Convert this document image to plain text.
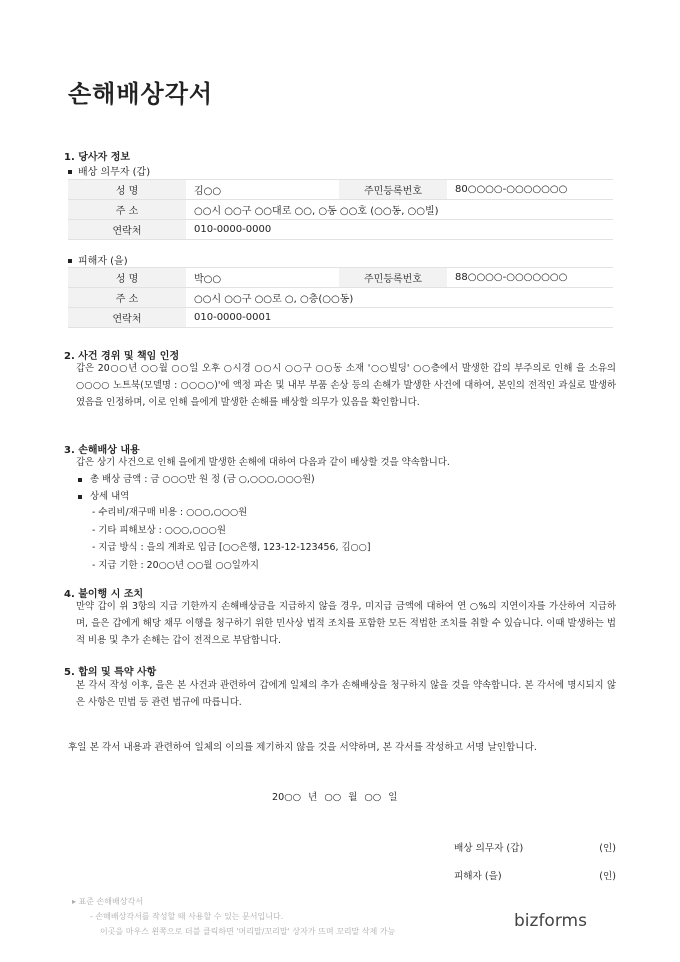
손해배상각서

1. 당사자 정보

배상 의무자 (갑)
성 명	김○○	주민등록번호	80○○○○-○○○○○○○
주 소	○○시 ○○구 ○○대로 ○○, ○동 ○○호 (○○동, ○○빌)		
연락처	010-0000-0000		
피해자 (을)
성 명	박○○	주민등록번호	88○○○○-○○○○○○○
주 소	○○시 ○○구 ○○로 ○, ○층(○○동)		
연락처	010-0000-0001		

2. 사건 경위 및 책임 인정

갑은 20○○년 ○○월 ○○일 오후 ○시경 ○○시 ○○구 ○○동 소재 '○○빌딩' ○○층에서 발생한 갑의 부주의로 인해 을 소유의 ○○○○ 노트북(모델명 : ○○○○)'에 액정 파손 및 내부 부품 손상 등의 손해가 발생한 사건에 대하여, 본인의 전적인 과실로 발생하였음을 인정하며, 이로 인해 을에게 발생한 손해를 배상할 의무가 있음을 확인합니다.

3. 손해배상 내용

갑은 상기 사건으로 인해 을에게 발생한 손해에 대하여 다음과 같이 배상할 것을 약속합니다.

총 배상 금액 : 금 ○○○만 원 정 (금 ○,○○○,○○○원)
상세 내역
- 수리비/재구매 비용 : ○○○,○○○원
- 기타 피해보상 : ○○○,○○○원
- 지급 방식 : 을의 계좌로 입금 [○○은행, 123-12-123456, 김○○]
- 지급 기한 : 20○○년 ○○월 ○○일까지

4. 불이행 시 조치

만약 갑이 위 3항의 지급 기한까지 손해배상금을 지급하지 않을 경우, 미지급 금액에 대하여 연 ○%의 지연이자를 가산하여 지급하며, 을은 갑에게 해당 채무 이행을 청구하기 위한 민사상 법적 조치를 포함한 모든 적법한 조치를 취할 수 있습니다. 이때 발생하는 법적 비용 및 추가 손해는 갑이 전적으로 부담합니다.

5. 합의 및 특약 사항

본 각서 작성 이후, 을은 본 사건과 관련하여 갑에게 일체의 추가 손해배상을 청구하지 않을 것을 약속합니다. 본 각서에 명시되지 않은 사항은 민법 등 관련 법규에 따릅니다.

후일 본 각서 내용과 관련하여 일체의 이의를 제기하지 않을 것을 서약하며, 본 각서를 작성하고 서명 날인합니다.

20○○ 년 ○○ 월 ○○ 일

배상 의무자 (갑)	(인)
피해자 (을)	(인)

▸ 표준 손해배상각서

- 손해배상각서를 작성할 때 사용할 수 있는 문서입니다.

이곳을 마우스 왼쪽으로 더블 클릭하면 '머리말/꼬리말' 상자가 뜨며 꼬리말 삭제 가능

bizforms
